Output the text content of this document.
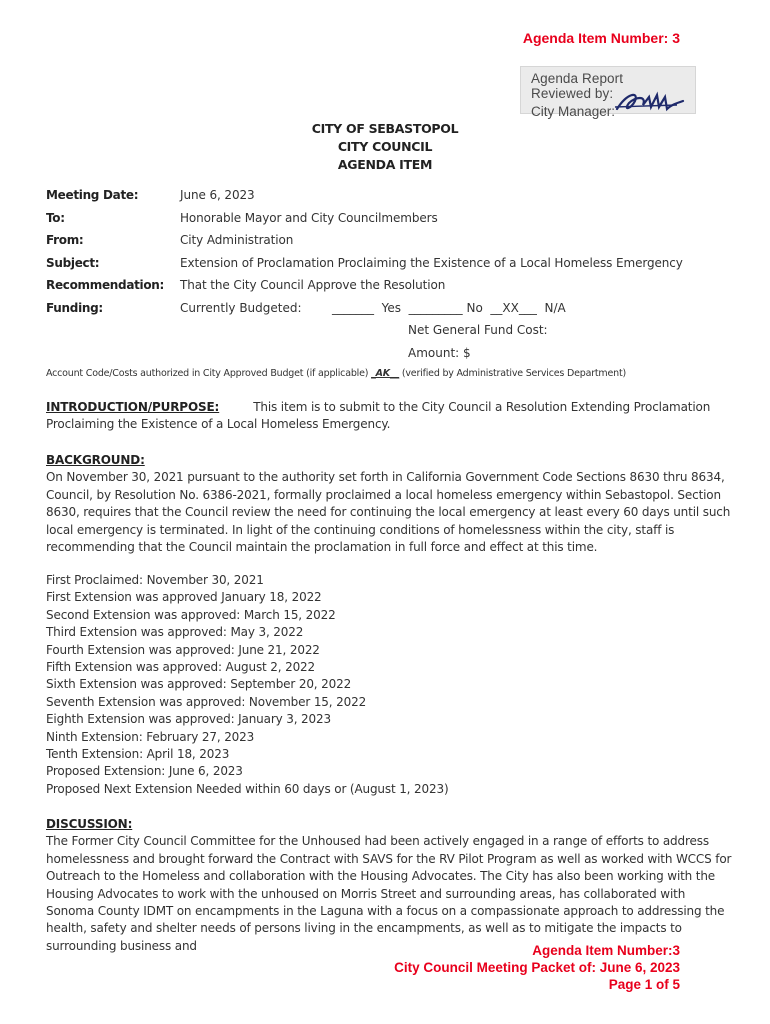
Agenda Item Number: 3
Agenda Report Reviewed by:
City Manager:
CITY OF SEBASTOPOL
CITY COUNCIL
AGENDA ITEM
Meeting Date:	June 6, 2023
To:	Honorable Mayor and City Councilmembers
From:	City Administration
Subject:	Extension of Proclamation Proclaiming the Existence of a Local Homeless Emergency
Recommendation: That the City Council Approve the Resolution
Funding:	Currently Budgeted:        _______  Yes  _________ No  __XX___  N/A
Net General Fund Cost:
Amount: $
Account Code/Costs authorized in City Approved Budget (if applicable) _AK__ (verified by Administrative Services Department)
INTRODUCTION/PURPOSE:	This item is to submit to the City Council a Resolution Extending Proclamation Proclaiming the Existence of a Local Homeless Emergency.
BACKGROUND:
On November 30, 2021 pursuant to the authority set forth in California Government Code Sections 8630 thru 8634, Council, by Resolution No. 6386-2021, formally proclaimed a local homeless emergency within Sebastopol. Section 8630, requires that the Council review the need for continuing the local emergency at least every 60 days until such local emergency is terminated. In light of the continuing conditions of homelessness within the city, staff is recommending that the Council maintain the proclamation in full force and effect at this time.
First Proclaimed: November 30, 2021
First Extension was approved January 18, 2022
Second Extension was approved: March 15, 2022
Third Extension was approved: May 3, 2022
Fourth Extension was approved: June 21, 2022
Fifth Extension was approved: August 2, 2022
Sixth Extension was approved: September 20, 2022
Seventh Extension was approved: November 15, 2022
Eighth Extension was approved: January 3, 2023
Ninth Extension: February 27, 2023
Tenth Extension: April 18, 2023
Proposed Extension: June 6, 2023
Proposed Next Extension Needed within 60 days or (August 1, 2023)
DISCUSSION:
The Former City Council Committee for the Unhoused had been actively engaged in a range of efforts to address homelessness and brought forward the Contract with SAVS for the RV Pilot Program as well as worked with WCCS for Outreach to the Homeless and collaboration with the Housing Advocates. The City has also been working with the Housing Advocates to work with the unhoused on Morris Street and surrounding areas, has collaborated with Sonoma County IDMT on encampments in the Laguna with a focus on a compassionate approach to addressing the health, safety and shelter needs of persons living in the encampments, as well as to mitigate the impacts to surrounding business and	Agenda Item Number:3
City Council Meeting Packet of: June 6, 2023
Page 1 of 5
